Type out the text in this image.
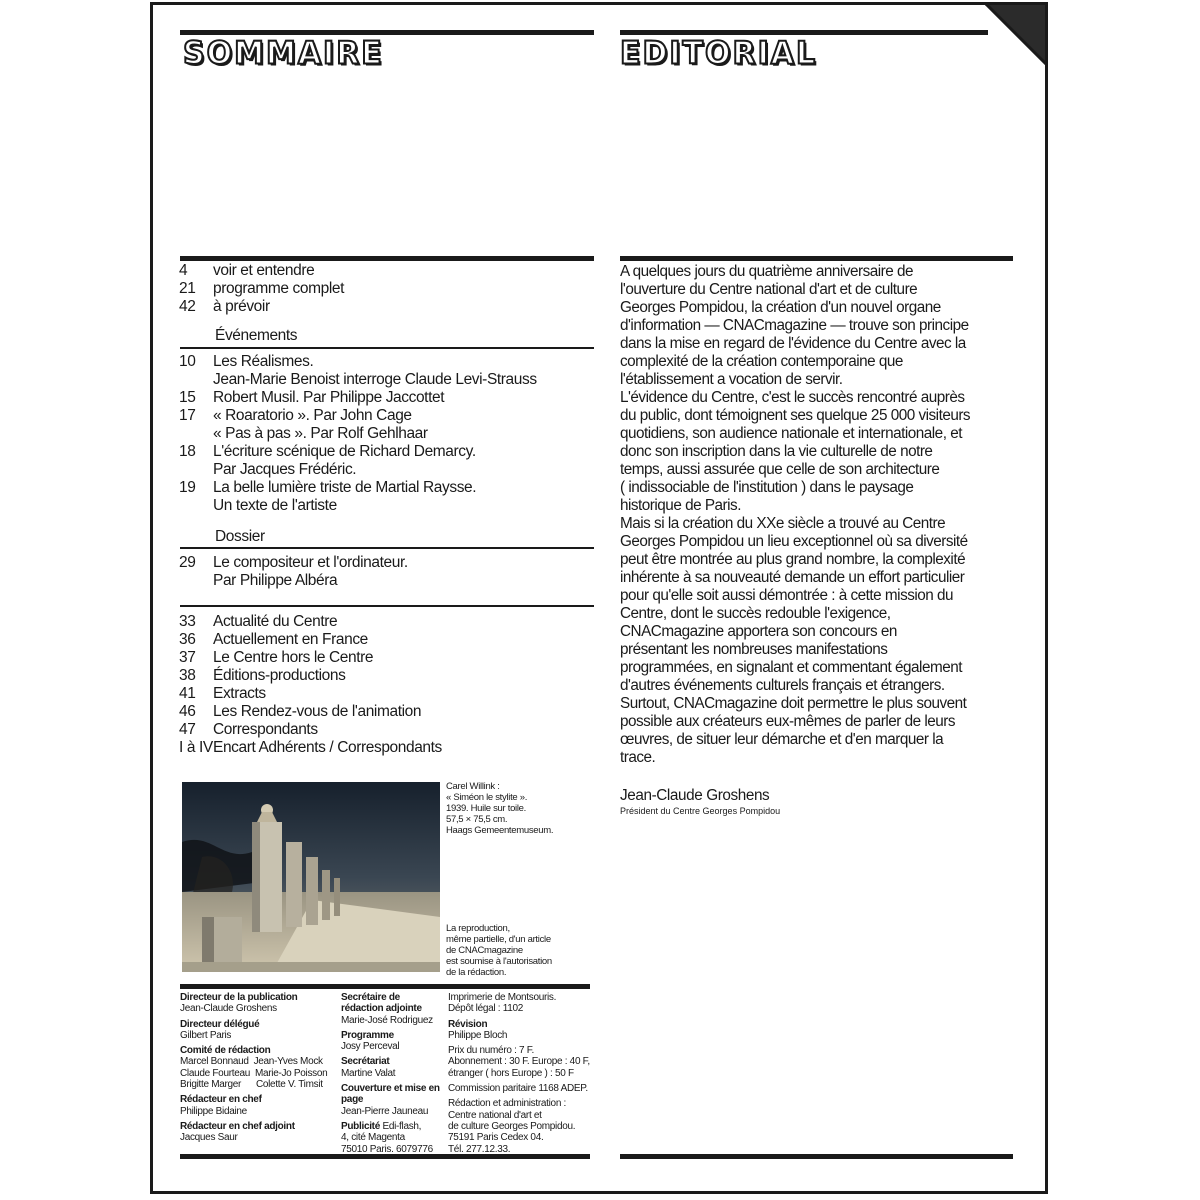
SOMMAIRE	EDITORIAL
4	voir et entendre
21	programme complet
42	à prévoir
Événements
10	Les Réalismes.
Jean-Marie Benoist interroge Claude Levi-Strauss
15	Robert Musil. Par Philippe Jaccottet
17	« Roaratorio ». Par John Cage
« Pas à pas ». Par Rolf Gehlhaar
18	L'écriture scénique de Richard Demarcy.
Par Jacques Frédéric.
19	La belle lumière triste de Martial Raysse.
Un texte de l'artiste
Dossier
29	Le compositeur et l'ordinateur.
Par Philippe Albéra
33	Actualité du Centre
36	Actuellement en France
37	Le Centre hors le Centre
38	Éditions-productions
41	Extracts
46	Les Rendez-vous de l'animation
47	Correspondants
I à IV Encart Adhérents / Correspondants
Carel Willink :
« Siméon le stylite ».
1939. Huile sur toile.
57,5 × 75,5 cm.
Haags Gemeentemuseum.
La reproduction,
même partielle, d'un article
de CNACmagazine
est soumise à l'autorisation
de la rédaction.
Directeur de la publication
Jean-Claude Groshens
Directeur délégué
Gilbert Paris
Comité de rédaction
Marcel Bonnaud  Jean-Yves Mock
Claude Fourteau  Marie-Jo Poisson
Brigitte Marger      Colette V. Timsit
Rédacteur en chef
Philippe Bidaine
Rédacteur en chef adjoint
Jacques Saur
Secrétaire de rédaction adjointe
Marie-José Rodriguez
Programme
Josy Perceval
Secrétariat
Martine Valat
Couverture et mise en page
Jean-Pierre Jauneau
Publicité Edi-flash,
4, cité Magenta
75010 Paris. 6079776
Imprimerie de Montsouris.
Dépôt légal : 1102
Révision
Philippe Bloch
Prix du numéro : 7 F.
Abonnement : 30 F. Europe : 40 F,
étranger ( hors Europe ) : 50 F
Commission paritaire 1168 ADEP.
Rédaction et administration :
Centre national d'art et
de culture Georges Pompidou.
75191 Paris Cedex 04.
Tél. 277.12.33.

A quelques jours du quatrième anniversaire de

l'ouverture du Centre national d'art et de culture

Georges Pompidou, la création d'un nouvel organe

d'information — CNACmagazine — trouve son principe

dans la mise en regard de l'évidence du Centre avec la

complexité de la création contemporaine que

l'établissement a vocation de servir.

L'évidence du Centre, c'est le succès rencontré auprès

du public, dont témoignent ses quelque 25 000 visiteurs

quotidiens, son audience nationale et internationale, et

donc son inscription dans la vie culturelle de notre

temps, aussi assurée que celle de son architecture

( indissociable de l'institution ) dans le paysage

historique de Paris.

Mais si la création du XXe siècle a trouvé au Centre

Georges Pompidou un lieu exceptionnel où sa diversité

peut être montrée au plus grand nombre, la complexité

inhérente à sa nouveauté demande un effort particulier

pour qu'elle soit aussi démontrée : à cette mission du

Centre, dont le succès redouble l'exigence,

CNACmagazine apportera son concours en

présentant les nombreuses manifestations

programmées, en signalant et commentant également

d'autres événements culturels français et étrangers.

Surtout, CNACmagazine doit permettre le plus souvent

possible aux créateurs eux-mêmes de parler de leurs

œuvres, de situer leur démarche et d'en marquer la

trace.

Jean-Claude Groshens
Président du Centre Georges Pompidou
